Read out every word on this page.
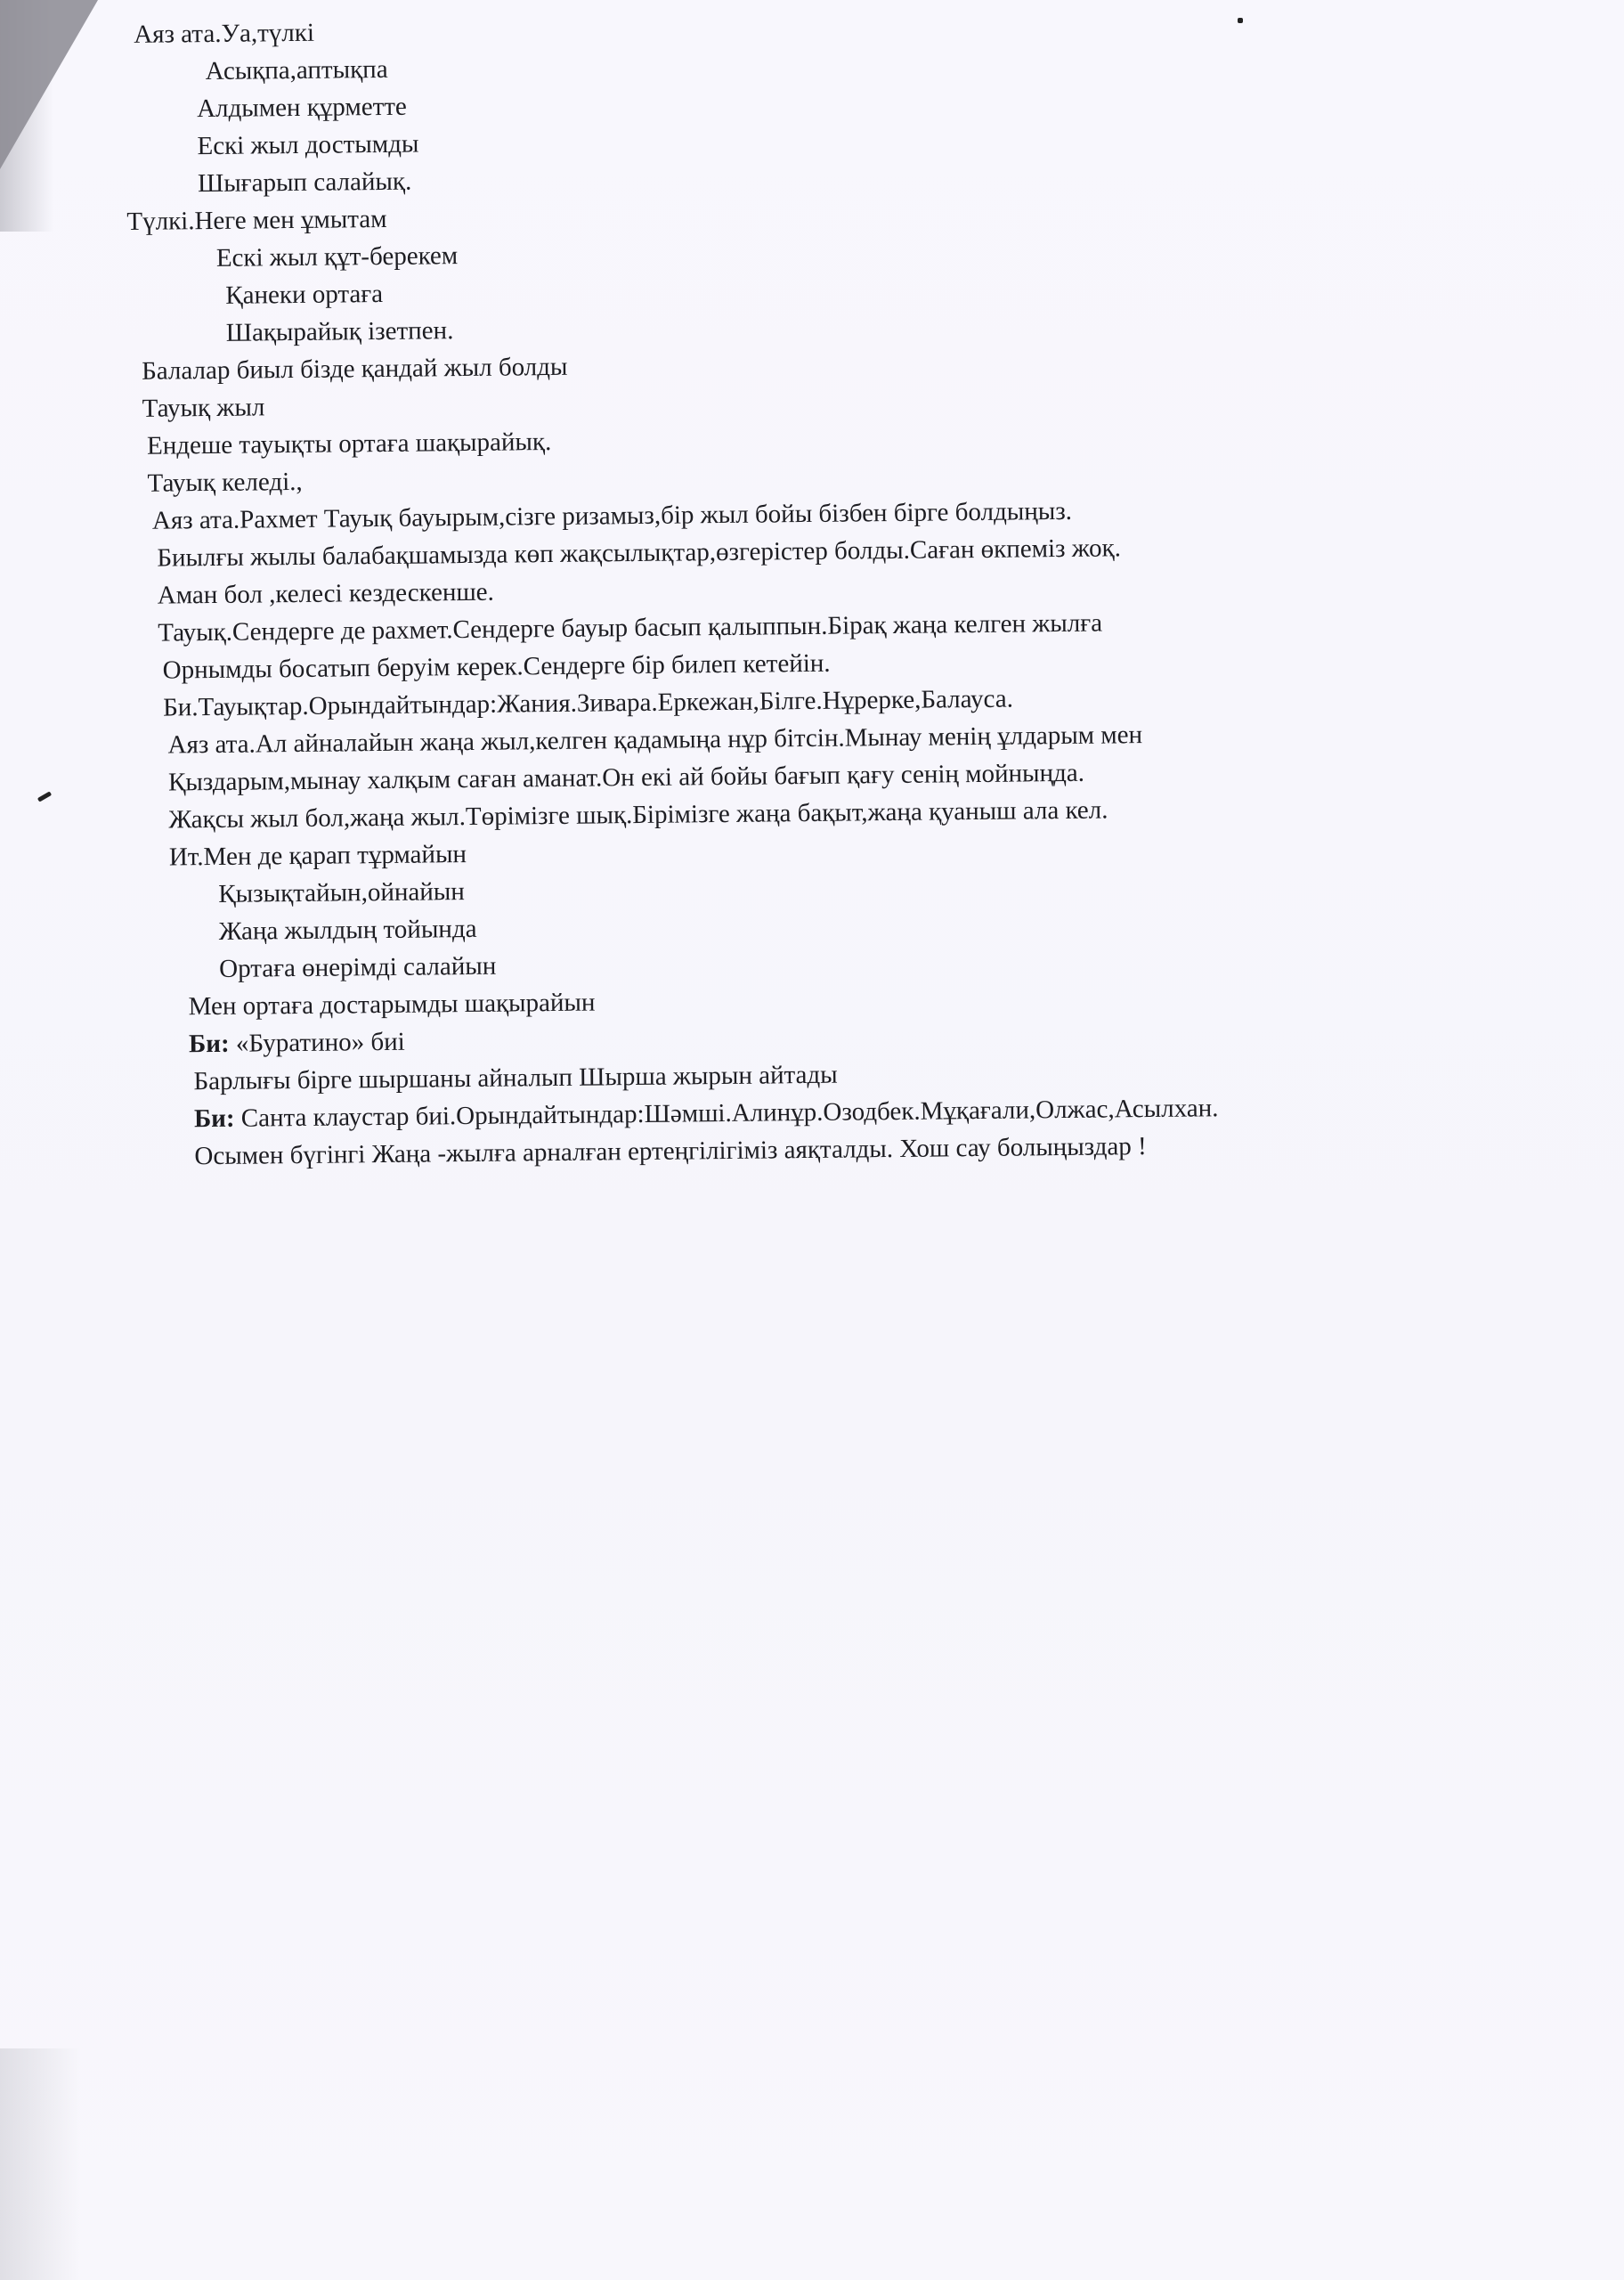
Аяз ата.Уа,түлкі
Асықпа,аптықпа
Алдымен құрметте
Ескі жыл достымды
Шығарып салайық.
Түлкі.Неге мен ұмытам
Ескі жыл құт-берекем
Қанеки ортаға
Шақырайық ізетпен.
Балалар биыл бізде қандай жыл болды
Тауық жыл
Ендеше тауықты ортаға шақырайық.
Тауық келеді.,
Аяз ата.Рахмет Тауық бауырым,сізге ризамыз,бір жыл бойы бізбен бірге болдыңыз.
Биылғы жылы балабақшамызда көп жақсылықтар,өзгерістер болды.Саған өкпеміз жоқ.
Аман бол ,келесі кездескенше.
Тауық.Сендерге де рахмет.Сендерге бауыр басып қалыппын.Бірақ жаңа келген жылға
Орнымды босатып беруім керек.Сендерге бір билеп кетейін.
Би.Тауықтар.Орындайтындар:Жания.Зивара.Еркежан,Білге.Нұрерке,Балауса.
Аяз ата.Ал айналайын жаңа жыл,келген қадамыңа нұр бітсін.Мынау менің ұлдарым мен
Қыздарым,мынау халқым саған аманат.Он екі ай бойы бағып қағу сенің мойныңда.
Жақсы жыл бол,жаңа жыл.Төрімізге шық.Бірімізге жаңа бақыт,жаңа қуаныш ала кел.
Ит.Мен де қарап тұрмайын
Қызықтайын,ойнайын
Жаңа жылдың тойында
Ортаға өнерімді салайын
Мен ортаға достарымды шақырайын
Би: «Буратино» биі
Барлығы бірге шыршаны айналып Шырша жырын айтады
Би: Санта клаустар биі.Орындайтындар:Шәмші.Алинұр.Озодбек.Мұқағали,Олжас,Асылхан.
Осымен бүгінгі Жаңа -жылға арналған ертеңгілігіміз аяқталды. Хош сау болыңыздар !
